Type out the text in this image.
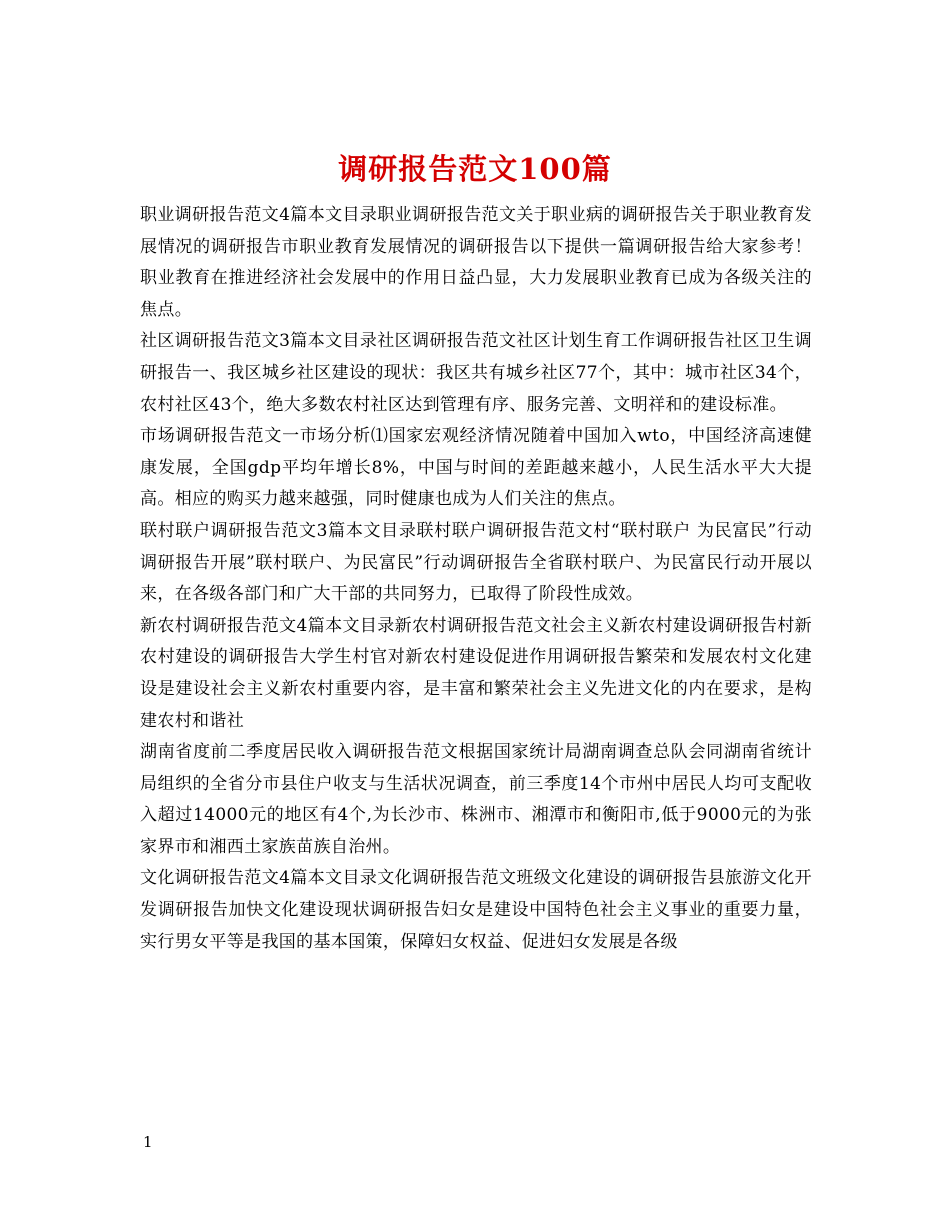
调研报告范文100篇

职业调研报告范文4篇本文目录职业调研报告范文关于职业病的调研报告关于职业教育发展情况的调研报告市职业教育发展情况的调研报告以下提供一篇调研报告给大家参考！职业教育在推进经济社会发展中的作用日益凸显，大力发展职业教育已成为各级关注的焦点。

社区调研报告范文3篇本文目录社区调研报告范文社区计划生育工作调研报告社区卫生调研报告一、我区城乡社区建设的现状：我区共有城乡社区77个，其中：城市社区34个，农村社区43个，绝大多数农村社区达到管理有序、服务完善、文明祥和的建设标准。

市场调研报告范文一市场分析⑴国家宏观经济情况随着中国加入wto，中国经济高速健康发展，全国gdp平均年增长8%，中国与时间的差距越来越小，人民生活水平大大提高。相应的购买力越来越强，同时健康也成为人们关注的焦点。

联村联户调研报告范文3篇本文目录联村联户调研报告范文村“联村联户 为民富民”行动调研报告开展”联村联户、为民富民”行动调研报告全省联村联户、为民富民行动开展以来，在各级各部门和广大干部的共同努力，已取得了阶段性成效。

新农村调研报告范文4篇本文目录新农村调研报告范文社会主义新农村建设调研报告村新农村建设的调研报告大学生村官对新农村建设促进作用调研报告繁荣和发展农村文化建设是建设社会主义新农村重要内容，是丰富和繁荣社会主义先进文化的内在要求，是构建农村和谐社

湖南省度前二季度居民收入调研报告范文根据国家统计局湖南调查总队会同湖南省统计局组织的全省分市县住户收支与生活状况调查，前三季度14个市州中居民人均可支配收入超过14000元的地区有4个,为长沙市、株洲市、湘潭市和衡阳市,低于9000元的为张家界市和湘西土家族苗族自治州。

文化调研报告范文4篇本文目录文化调研报告范文班级文化建设的调研报告县旅游文化开发调研报告加快文化建设现状调研报告妇女是建设中国特色社会主义事业的重要力量，实行男女平等是我国的基本国策，保障妇女权益、促进妇女发展是各级

1
